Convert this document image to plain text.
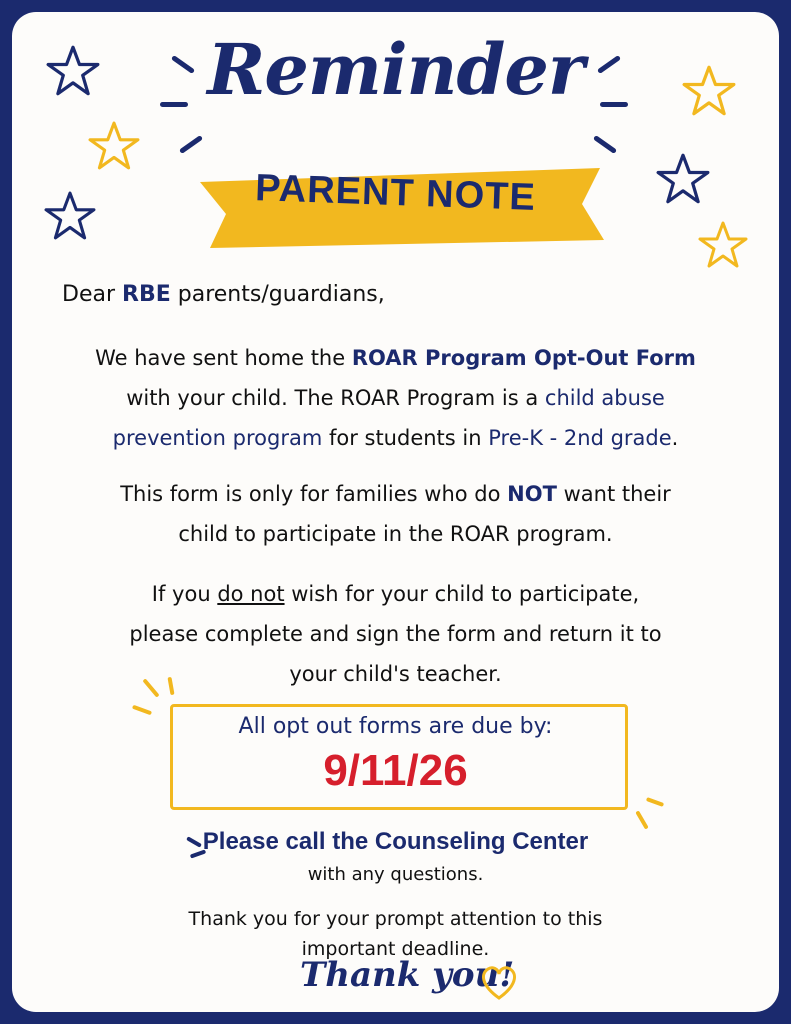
Reminder
PARENT NOTE
Dear RBE parents/guardians,
We have sent home the ROAR Program Opt-Out Form with your child. The ROAR Program is a child abuse prevention program for students in Pre-K - 2nd grade.
This form is only for families who do NOT want their child to participate in the ROAR program.
If you do not wish for your child to participate, please complete and sign the form and return it to your child's teacher.
All opt out forms are due by:
9/11/26
Please call the Counseling Center
with any questions.
Thank you for your prompt attention to this important deadline.
Thank you!
